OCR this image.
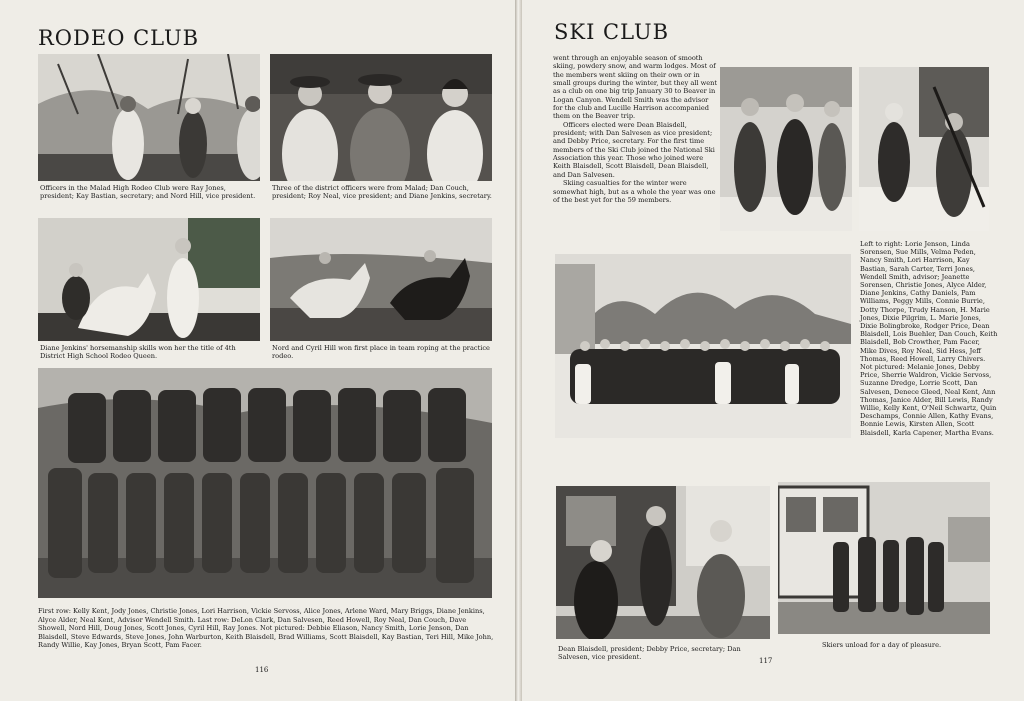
RODEO CLUB
Officers in the Malad High Rodeo Club were Ray Jones, president; Kay Bastian, secretary; and Nord Hill, vice president.
Three of the district officers were from Malad; Dan Couch, president; Roy Neal, vice president; and Diane Jenkins, secretary.
Diane Jenkins' horsemanship skills won her the title of 4th District High School Rodeo Queen.
Nord and Cyril Hill won first place in team roping at the practice rodeo.
First row: Kelly Kent, Jody Jones, Christie Jones, Lori Harrison, Vickie Servoss, Alice Jones, Arlene Ward, Mary Briggs, Diane Jenkins, Alyce Alder, Neal Kent, Advisor Wendell Smith. Last row: DeLon Clark, Dan Salvesen, Reed Howell, Roy Neal, Dan Couch, Dave Showell, Nord Hill, Doug Jones, Scott Jones, Cyril Hill, Ray Jones. Not pictured: Debbie Eliason, Nancy Smith, Lorie Jenson, Dan Blaisdell, Steve Edwards, Steve Jones, John Warburton, Keith Blaisdell, Brad Williams, Scott Blaisdell, Kay Bastian, Teri Hill, Mike John, Randy Willie, Kay Jones, Bryan Scott, Pam Facer.
116
SKI CLUB

went through an enjoyable season of smooth skiing, powdery snow, and warm lodges. Most of the members went skiing on their own or in small groups during the winter, but they all went as a club on one big trip January 30 to Beaver in Logan Canyon. Wendell Smith was the advisor for the club and Lucille Harrison accompanied them on the Beaver trip.

Officers elected were Dean Blaisdell, president; with Dan Salvesen as vice president; and Debby Price, secretary. For the first time members of the Ski Club joined the National Ski Association this year. Those who joined were Keith Blaisdell, Scott Blaisdell, Dean Blaisdell, and Dan Salvesen.

Skiing casualties for the winter were somewhat high, but as a whole the year was one of the best yet for the 59 members.

Left to right: Lorie Jenson, Linda Sorensen, Sue Mills, Velma Peden, Nancy Smith, Lori Harrison, Kay Bastian, Sarah Carter, Terri Jones, Wendell Smith, advisor; Jeanette Sorensen, Christie Jones, Alyce Alder, Diane Jenkins, Cathy Daniels, Pam Williams, Peggy Mills, Connie Burrie, Dotty Thorpe, Trudy Hanson, H. Marie Jones, Dixie Pilgrim, L. Marie Jones, Dixie Bolingbroke, Rodger Price, Dean Blaisdell, Lois Buehler, Dan Couch, Keith Blaisdell, Bob Crowther, Pam Facer, Mike Dives, Roy Neal, Sid Hess, Jeff Thomas, Reed Howell, Larry Chivers. Not pictured: Melanie Jones, Debby Price, Sherrie Waldron, Vickie Servoss, Suzanne Dredge, Lorrie Scott, Dan Salvesen, Denece Gleed, Neal Kent, Ann Thomas, Janice Alder, Bill Lewis, Randy Willie, Kelly Kent, O'Neil Schwartz, Quin Deschamps, Connie Allen, Kathy Evans, Bonnie Lewis, Kirsten Allen, Scott Blaisdell, Karla Capener, Martha Evans.
Dean Blaisdell, president; Debby Price, secretary; Dan Salvesen, vice president.
Skiers unload for a day of pleasure.
117
